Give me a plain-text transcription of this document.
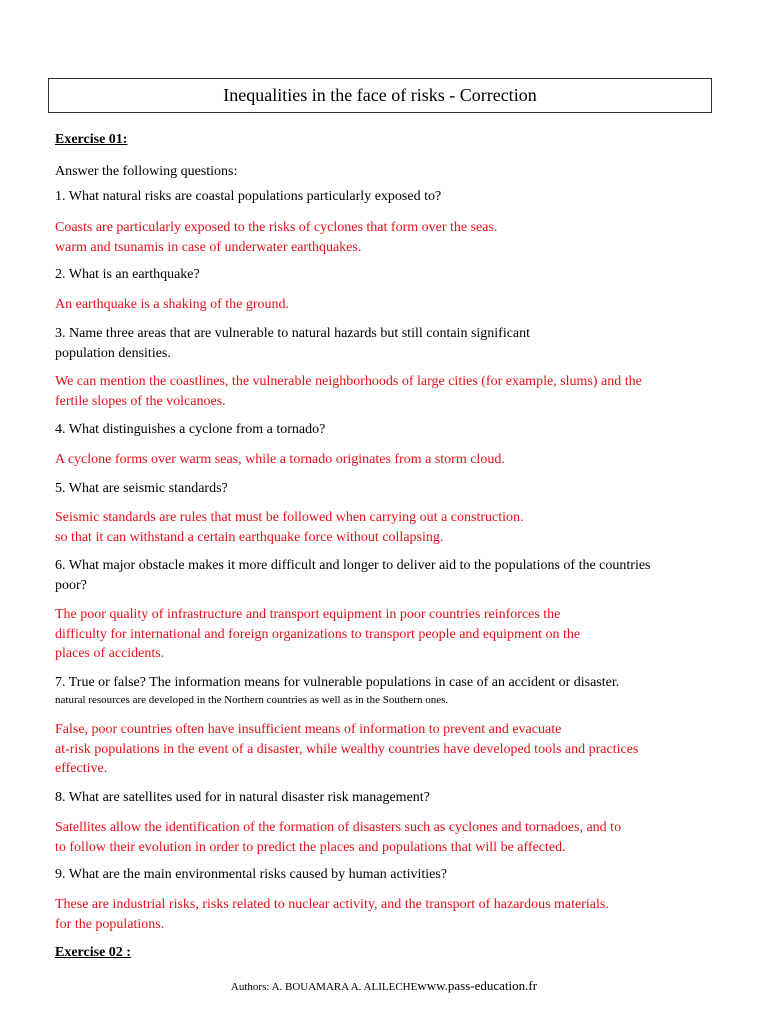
Inequalities in the face of risks - Correction
Exercise 01:
Answer the following questions:
1. What natural risks are coastal populations particularly exposed to?
Coasts are particularly exposed to the risks of cyclones that form over the seas.
warm and tsunamis in case of underwater earthquakes.
2. What is an earthquake?
An earthquake is a shaking of the ground.
3. Name three areas that are vulnerable to natural hazards but still contain significant
population densities.
We can mention the coastlines, the vulnerable neighborhoods of large cities (for example, slums) and the
fertile slopes of the volcanoes.
4. What distinguishes a cyclone from a tornado?
A cyclone forms over warm seas, while a tornado originates from a storm cloud.
5. What are seismic standards?
Seismic standards are rules that must be followed when carrying out a construction.
so that it can withstand a certain earthquake force without collapsing.
6. What major obstacle makes it more difficult and longer to deliver aid to the populations of the countries
poor?
The poor quality of infrastructure and transport equipment in poor countries reinforces the
difficulty for international and foreign organizations to transport people and equipment on the
places of accidents.
7. True or false? The information means for vulnerable populations in case of an accident or disaster.
natural resources are developed in the Northern countries as well as in the Southern ones.
False, poor countries often have insufficient means of information to prevent and evacuate
at-risk populations in the event of a disaster, while wealthy countries have developed tools and practices
effective.
8. What are satellites used for in natural disaster risk management?
Satellites allow the identification of the formation of disasters such as cyclones and tornadoes, and to
to follow their evolution in order to predict the places and populations that will be affected.
9. What are the main environmental risks caused by human activities?
These are industrial risks, risks related to nuclear activity, and the transport of hazardous materials.
for the populations.
Exercise 02 :
Authors: A. BOUAMARA A. ALILECHEwww.pass-education.fr
